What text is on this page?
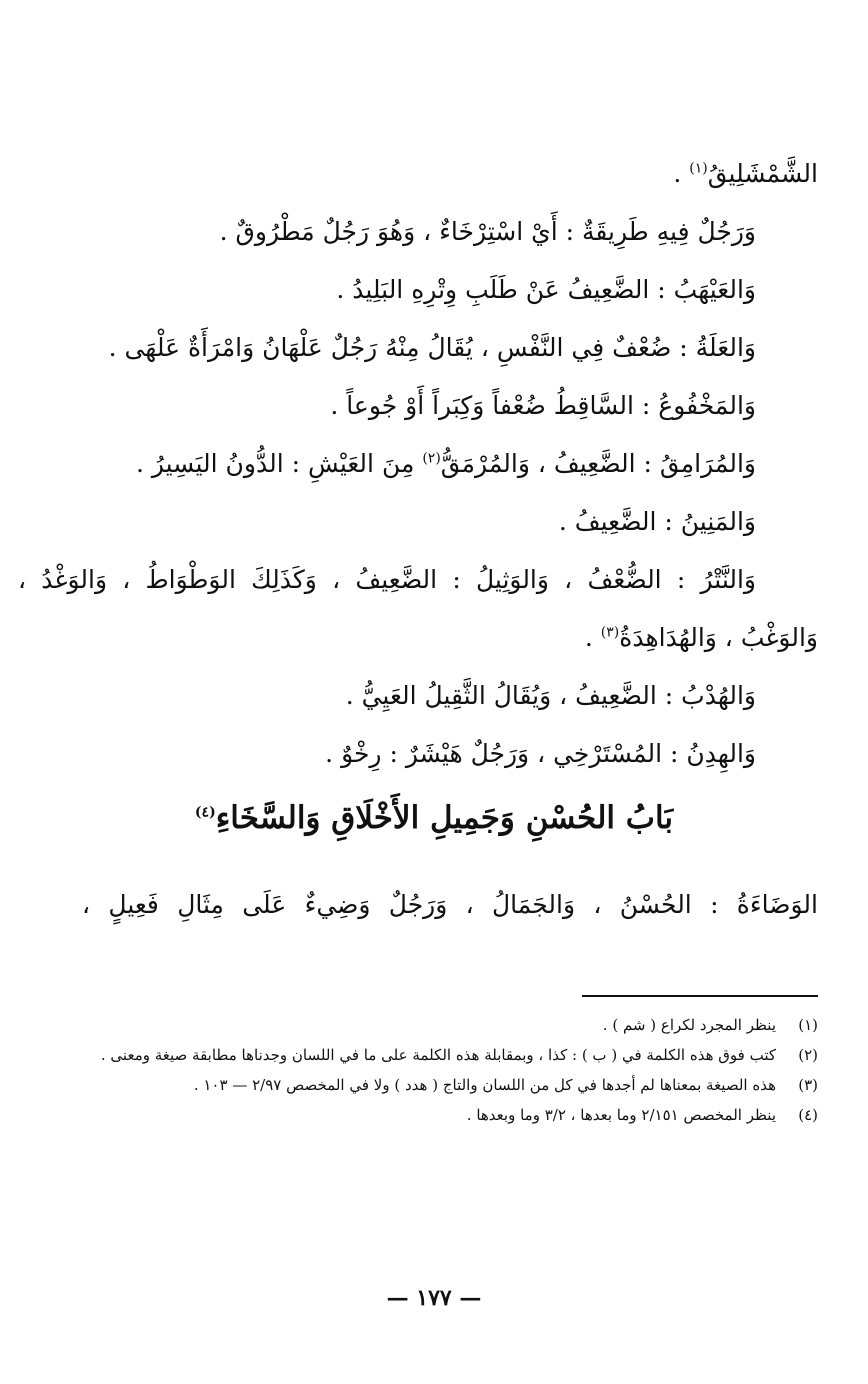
الشَّمْشَلِيقُ$^{(١)}$ .
وَرَجُلٌ فِيهِ طَرِيقَةٌ : أَيْ اسْتِرْخَاءٌ ، وَهُوَ رَجُلٌ مَطْرُوقٌ .
وَالعَيْهَبُ : الضَّعِيفُ عَنْ طَلَبِ وِتْرِهِ البَلِيدُ .
وَالعَلَةُ : ضُعْفٌ فِي النَّفْسِ ، يُقَالُ مِنْهُ رَجُلٌ عَلْهَانُ وَامْرَأَةٌ عَلْهَى .
وَالمَخْفُوعُ : السَّاقِطُ ضُعْفاً وَكِبَراً أَوْ جُوعاً .
وَالمُرَامِقُ : الضَّعِيفُ ، وَالمُرْمَقُّ$^{(٢)}$ مِنَ العَيْشِ : الدُّونُ اليَسِيرُ .
وَالمَنِينُ : الضَّعِيفُ .
وَالنَّتْرُ : الضُّعْفُ ، وَالوَثِيلُ : الضَّعِيفُ ، وَكَذَلِكَ الوَطْوَاطُ ، وَالوَغْدُ ،
وَالوَغْبُ ، وَالهُدَاهِدَةُ$^{(٣)}$ .
وَالهُدْبُ : الضَّعِيفُ ، وَيُقَالُ الثَّقِيلُ العَيِيُّ .
وَالهِدِنُ : المُسْتَرْخِي ، وَرَجُلٌ هَيْشَرٌ : رِخْوٌ .
بَابُ الحُسْنِ وَجَمِيلِ الأَخْلَاقِ وَالسَّخَاءِ$^{(٤)}$
الوَضَاءَةُ : الحُسْنُ ، وَالجَمَالُ ، وَرَجُلٌ وَضِيءٌ عَلَى مِثَالِ فَعِيلٍ ،
(١)
ينظر المجرد لكراع ( شم ) .
(٢)
كتب فوق هذه الكلمة في ( ب ) : كذا ، وبمقابلة هذه الكلمة على ما في اللسان وجدناها مطابقة صيغة ومعنى .
(٣)
هذه الصيغة بمعناها لم أجدها في كل من اللسان والتاج ( هدد ) ولا في المخصص ٢/٩٧ — ١٠٣ .
(٤)
ينظر المخصص ٢/١٥١ وما بعدها ، ٣/٢ وما وبعدها .
— ١٧٧ —
